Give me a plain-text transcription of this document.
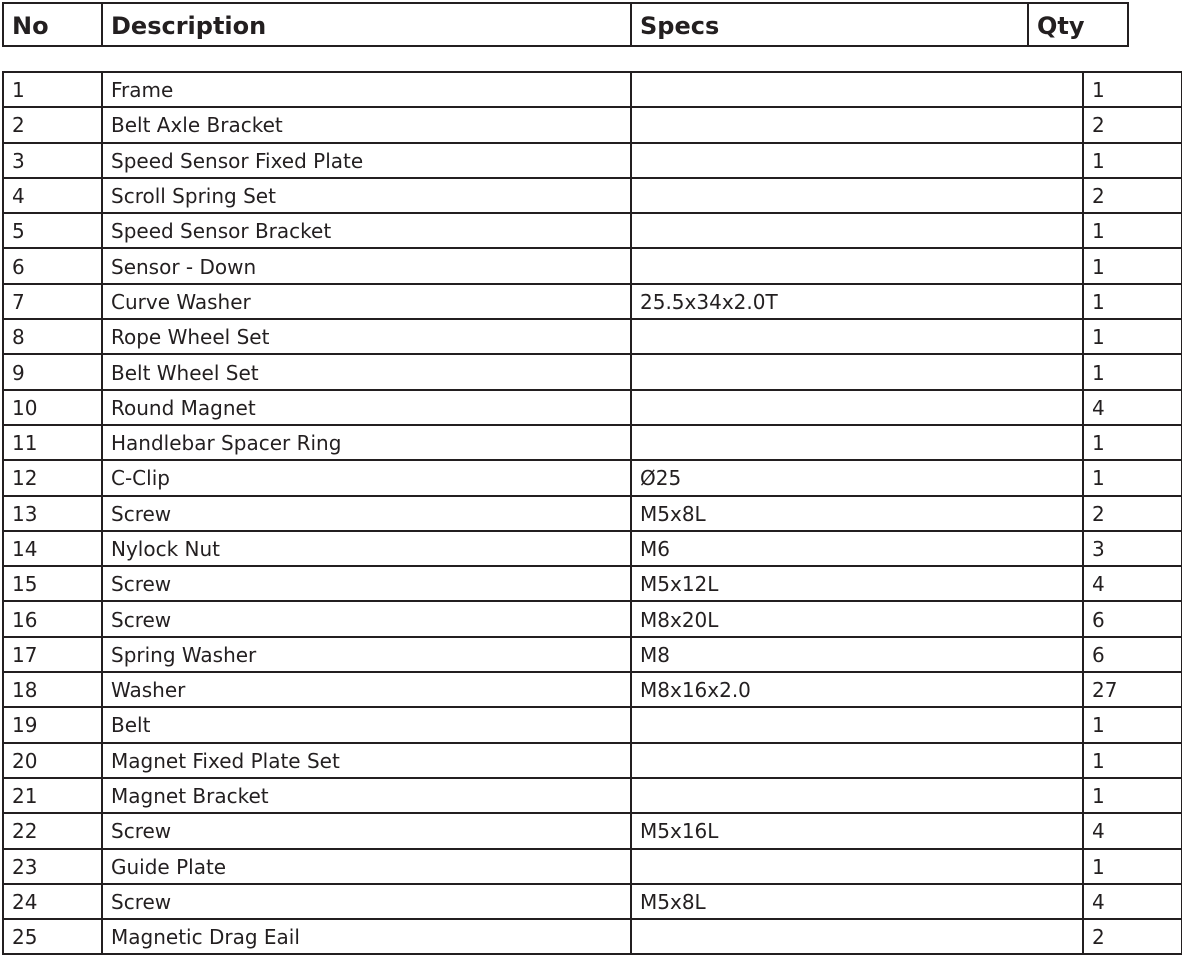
No	Description	Specs	Qty
1	Frame		1
2	Belt Axle Bracket		2
3	Speed Sensor Fixed Plate		1
4	Scroll Spring Set		2
5	Speed Sensor Bracket		1
6	Sensor - Down		1
7	Curve Washer	25.5x34x2.0T	1
8	Rope Wheel Set		1
9	Belt Wheel Set		1
10	Round Magnet		4
11	Handlebar Spacer Ring		1
12	C-Clip	Ø25	1
13	Screw	M5x8L	2
14	Nylock Nut	M6	3
15	Screw	M5x12L	4
16	Screw	M8x20L	6
17	Spring Washer	M8	6
18	Washer	M8x16x2.0	27
19	Belt		1
20	Magnet Fixed Plate Set		1
21	Magnet Bracket		1
22	Screw	M5x16L	4
23	Guide Plate		1
24	Screw	M5x8L	4
25	Magnetic Drag Eail		2
